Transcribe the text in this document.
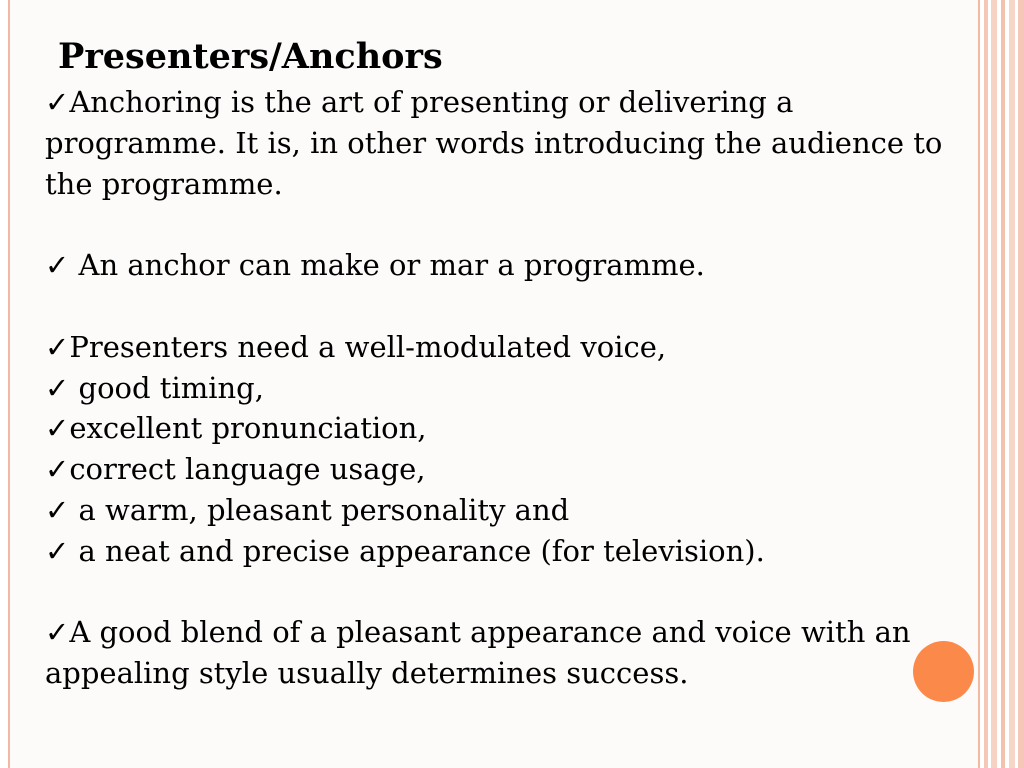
Presenters/Anchors

✓Anchoring is the art of presenting or delivering a programme. It is, in other words introducing the audience to the programme.

✓ An anchor can make or mar a programme.

✓Presenters need a well-modulated voice,

✓ good timing,

✓excellent pronunciation,

✓correct language usage,

✓ a warm, pleasant personality and

✓ a neat and precise appearance (for television).

✓A good blend of a pleasant appearance and voice with an appealing style usually determines success.
